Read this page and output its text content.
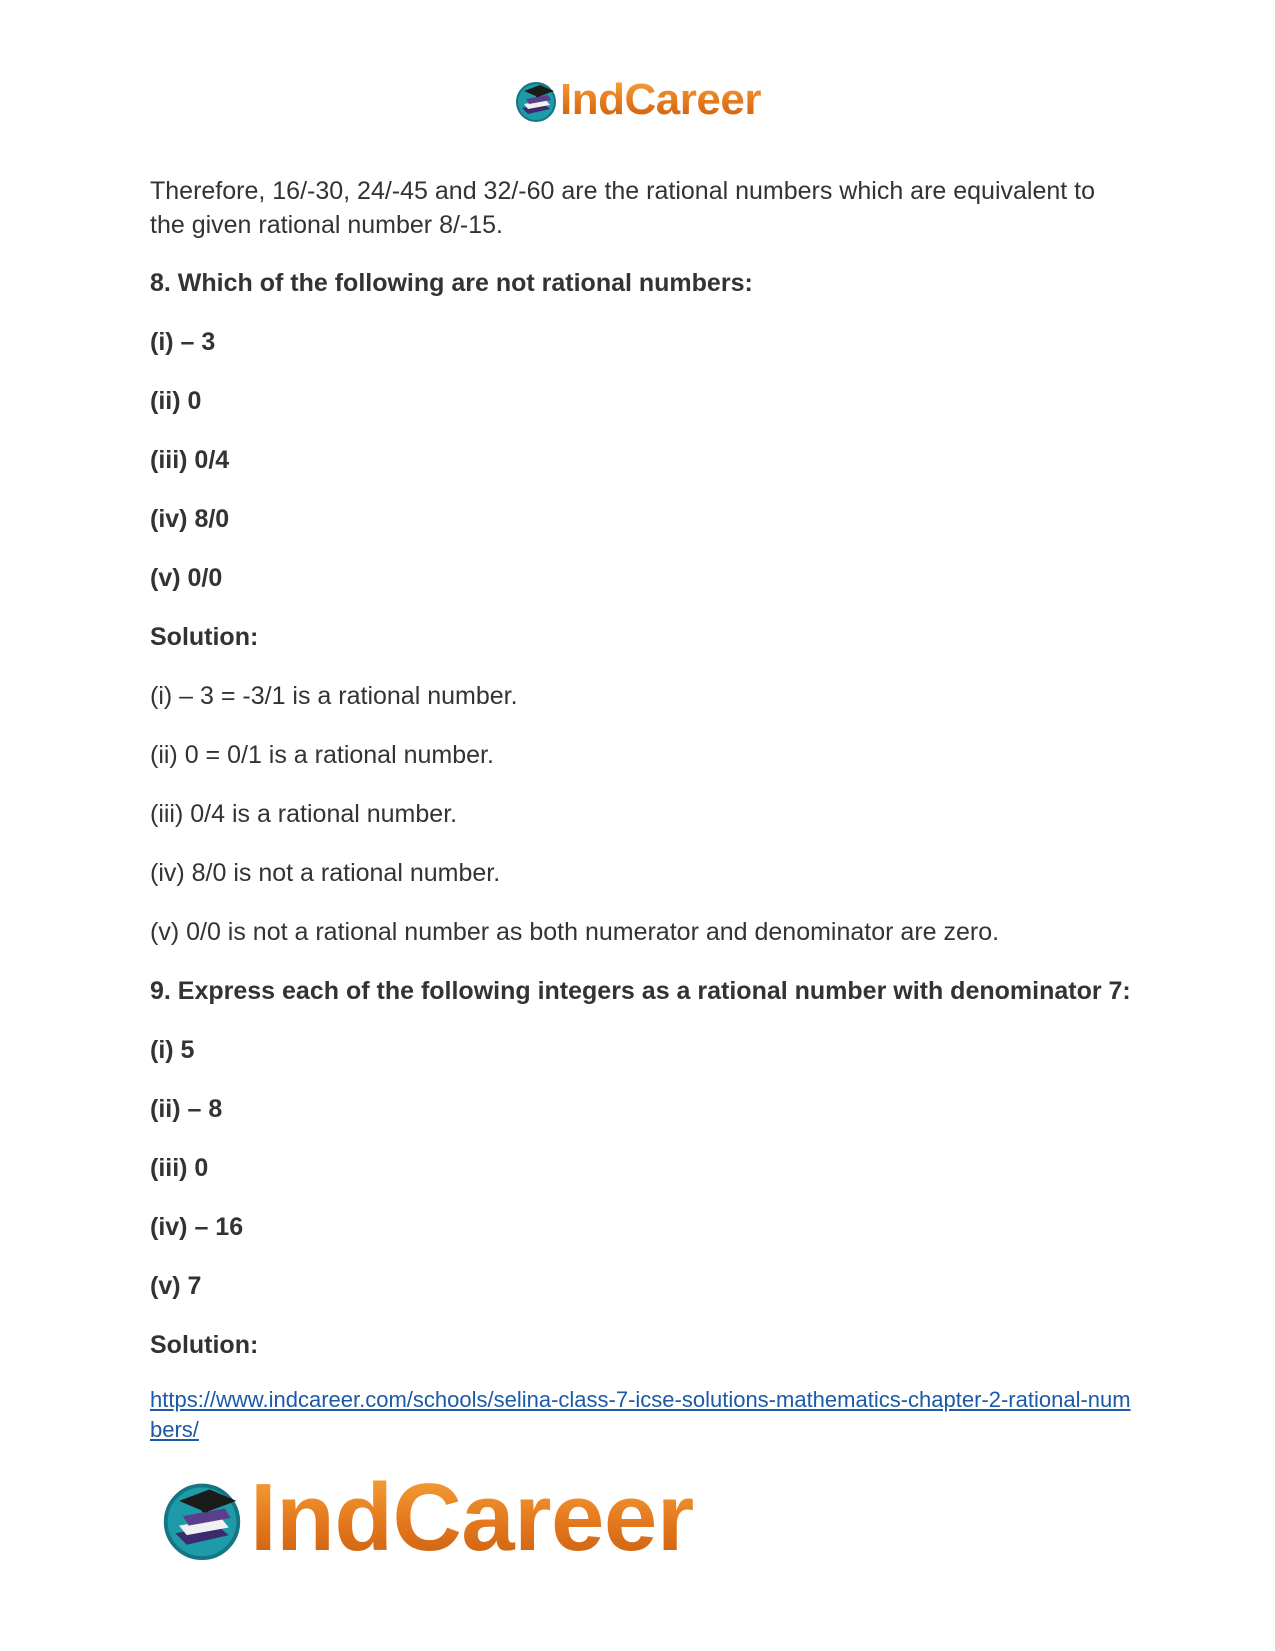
IndCareer

Therefore, 16/-30, 24/-45 and 32/-60 are the rational numbers which are equivalent to the given rational number 8/-15.

8. Which of the following are not rational numbers:

(i) – 3

(ii) 0

(iii) 0/4

(iv) 8/0

(v) 0/0

Solution:

(i) – 3 = -3/1 is a rational number.

(ii) 0 = 0/1 is a rational number.

(iii) 0/4 is a rational number.

(iv) 8/0 is not a rational number.

(v) 0/0 is not a rational number as both numerator and denominator are zero.

9. Express each of the following integers as a rational number with denominator 7:

(i) 5

(ii) – 8

(iii) 0

(iv) – 16

(v) 7

Solution:

https://www.indcareer.com/schools/selina-class-7-icse-solutions-mathematics-chapter-2-rational-numbers/
IndCareer
